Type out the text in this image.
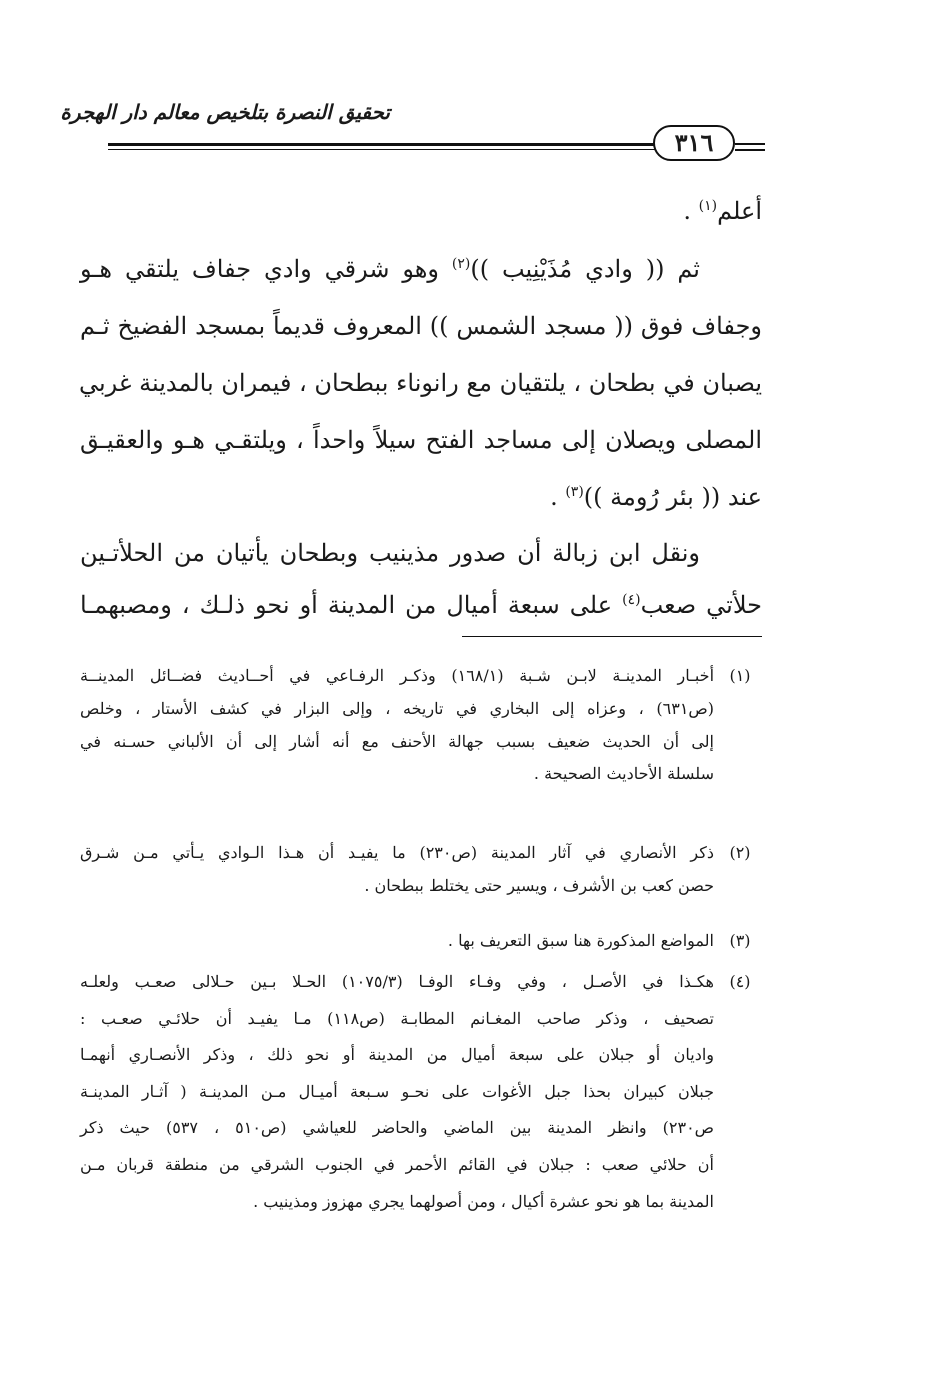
تحقيق النصرة بتلخيص معالم دار الهجرة
٣١٦
أعلم$^{(١)}$ .
ثم (( وادي مُذَيْنِيب ))$^{(٢)}$ وهو شرقي وادي جفاف يلتقي هـو
وجفاف فوق (( مسجد الشمس )) المعروف قديماً بمسجد الفضيخ ثـم
يصبان في بطحان ، يلتقيان مع رانوناء ببطحان ، فيمران بالمدينة غربي
المصلى ويصلان إلى مساجد الفتح سيلاً واحداً ، ويلتقـي هـو والعقيـق
عند (( بئر رُومة ))$^{(٣)}$ .
ونقل ابن زبالة أن صدور مذينيب وبطحان يأتيان من الحلأتـين
حلأتي صعب$^{(٤)}$ على سبعة أميال من المدينة أو نحو ذلـك ، ومصبهمـا
(١)
أخبـار المدينـة لابـن شـبة (١٦٨/١) وذكـر الرفـاعي في أحــاديث فضــائل المدينــة
(ص٦٣١) ، وعزاه إلى البخاري في تاريخه ، وإلى البزار في كشف الأستار ، وخلص
إلى أن الحديث ضعيف بسبب جهالة الأحنف مع أنه أشار إلى أن الألباني حسـنه في
سلسلة الأحاديث الصحيحة .
(٢)
ذكر الأنصاري في آثار المدينة (ص٢٣٠) ما يفيـد أن هـذا الـوادي يـأتي مـن شـرق
حصن كعب بن الأشرف ، ويسير حتى يختلط ببطحان .
(٣)
المواضع المذكورة هنا سبق التعريف بها .
(٤)
هكـذا في الأصـل ، وفي وفـاء الوفـا (١٠٧٥/٣) الحـلا بـين حـلالى صعـب ولعلـه
تصحيف ، وذكر صاحب المغـانم المطابـة (ص١١٨) مـا يفيـد أن حلائـي صعـب :
واديان أو جبلان على سبعة أميال من المدينة أو نحو ذلك ، وذكر الأنصـاري أنهمـا
جبلان كبيران بحذا جبل الأغوات على نحـو سـبعة أميـال مـن المدينـة ( آثـار المدينـة
ص٢٣٠) وانظر المدينة بين الماضي والحاضر للعياشي (ص٥١٠ ، ٥٣٧) حيث ذكر
أن حلائي صعب : جبلان في القائم الأحمر في الجنوب الشرقي من منطقة قربان مـن
المدينة بما هو نحو عشرة أكيال ، ومن أصولهما يجري مهزوز ومذينيب .
